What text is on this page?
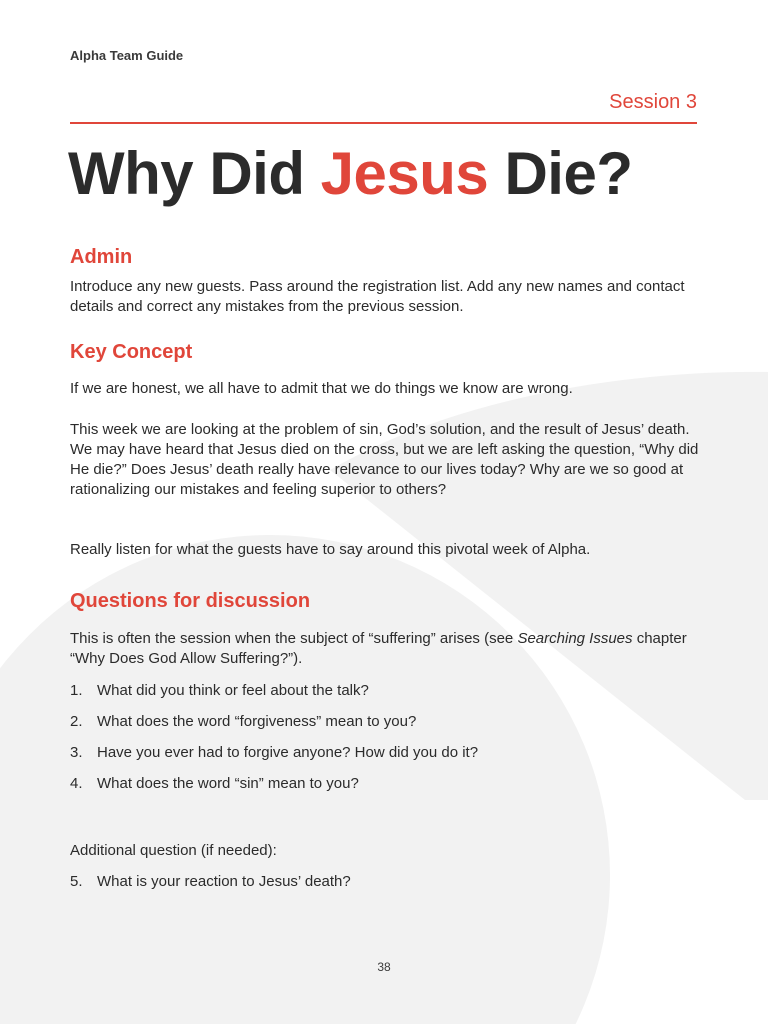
Alpha Team Guide

Session 3

Why Did Jesus Die?
Admin

Introduce any new guests. Pass around the registration list. Add any new names and contact details and correct any mistakes from the previous session.

Key Concept

If we are honest, we all have to admit that we do things we know are wrong.

This week we are looking at the problem of sin, God’s solution, and the result of Jesus’ death. We may have heard that Jesus died on the cross, but we are left asking the question, “Why did He die?” Does Jesus’ death really have relevance to our lives today? Why are we so good at rationalizing our mistakes and feeling superior to others?

Really listen for what the guests have to say around this pivotal week of Alpha.

Questions for discussion

This is often the session when the subject of “suffering” arises (see Searching Issues chapter “Why Does God Allow Suffering?”).

1. What did you think or feel about the talk?
2. What does the word “forgiveness” mean to you?
3. Have you ever had to forgive anyone? How did you do it?
4. What does the word “sin” mean to you?

Additional question (if needed):

5. What is your reaction to Jesus’ death?

38
